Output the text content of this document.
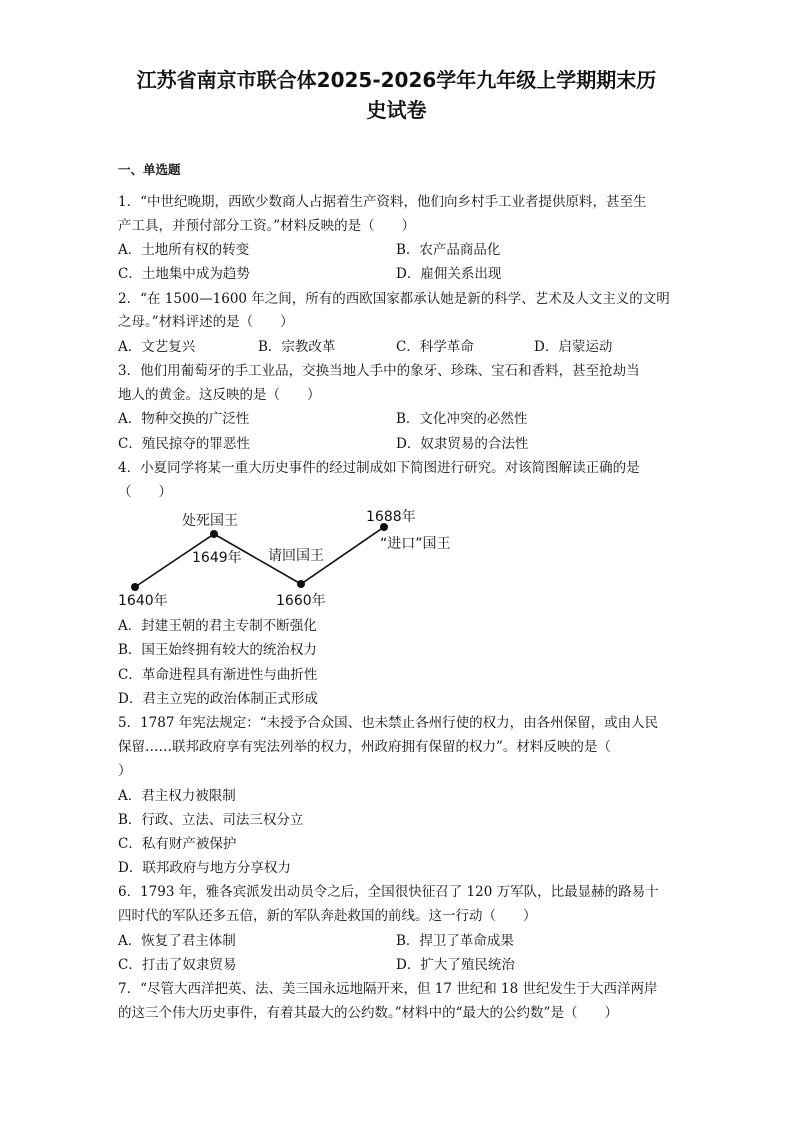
江苏省南京市联合体2025-2026学年九年级上学期期末历
史试卷
一、单选题
1．“中世纪晚期，西欧少数商人占据着生产资料，他们向乡村手工业者提供原料，甚至生
产工具，并预付部分工资。”材料反映的是（　　）
A．土地所有权的转变	B．农产品商品化
C．土地集中成为趋势	D．雇佣关系出现
2．“在 1500—1600 年之间，所有的西欧国家都承认她是新的科学、艺术及人文主义的文明
之母。”材料评述的是（　　）
A．文艺复兴	B．宗教改革	C．科学革命	D．启蒙运动
3．他们用葡萄牙的手工业品，交换当地人手中的象牙、珍珠、宝石和香料，甚至抢劫当
地人的黄金。这反映的是（　　）
A．物种交换的广泛性	B．文化冲突的必然性
C．殖民掠夺的罪恶性	D．奴隶贸易的合法性
4．小夏同学将某一重大历史事件的经过制成如下简图进行研究。对该简图解读正确的是
（　　）
1640年
处死国王
1649年 请回国王
1660年
1688年
“进口”国王
A．封建王朝的君主专制不断强化
B．国王始终拥有较大的统治权力
C．革命进程具有渐进性与曲折性
D．君主立宪的政治体制正式形成
5．1787 年宪法规定：“未授予合众国、也未禁止各州行使的权力，由各州保留，或由人民
保留……联邦政府享有宪法列举的权力，州政府拥有保留的权力”。材料反映的是（
）
A．君主权力被限制
B．行政、立法、司法三权分立
C．私有财产被保护
D．联邦政府与地方分享权力
6．1793 年，雅各宾派发出动员令之后，全国很快征召了 120 万军队，比最显赫的路易十
四时代的军队还多五倍，新的军队奔赴救国的前线。这一行动（　　）
A．恢复了君主体制	B．捍卫了革命成果
C．打击了奴隶贸易	D．扩大了殖民统治
7．“尽管大西洋把英、法、美三国永远地隔开来，但 17 世纪和 18 世纪发生于大西洋两岸
的这三个伟大历史事件，有着其最大的公约数。”材料中的“最大的公约数”是（　　）
